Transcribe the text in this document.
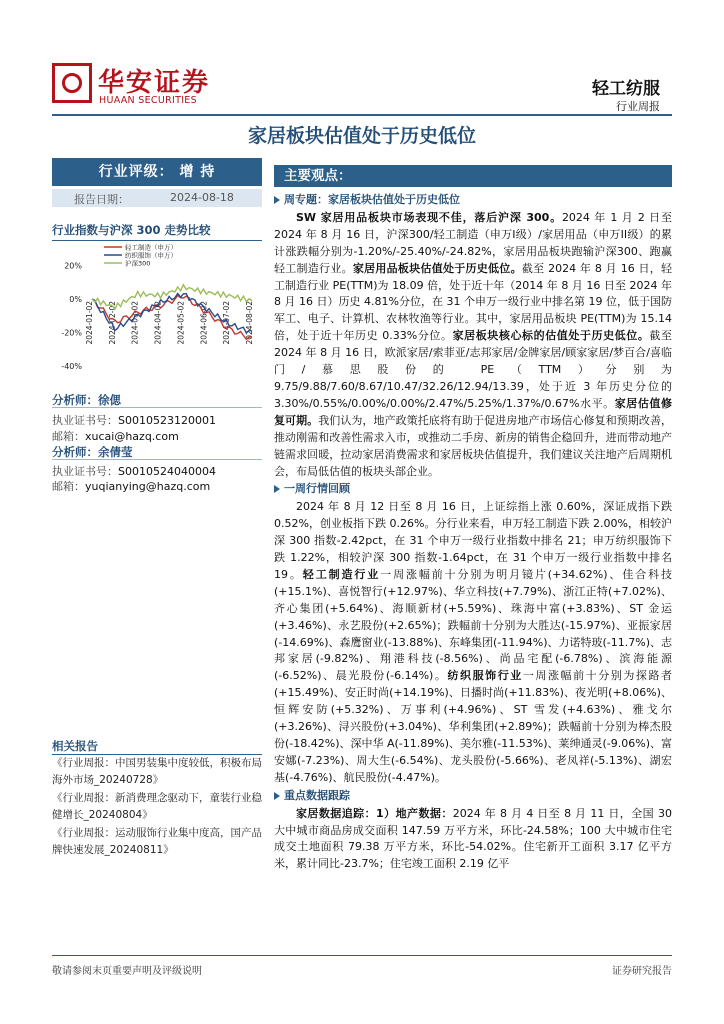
华安证券
HUAAN SECURITIES
轻工纺服
行业周报
家居板块估值处于历史低位
行业评级： 增 持
报告日期：	2024-08-18
行业指数与沪深 300 走势比较
20%
0%
-20%
-40%
2024-01-02 2024-02-02 2024-03-02 2024-04-02 2024-05-02 2024-06-02 2024-07-02 2024-08-02
轻工制造（申万）
纺织服饰（申万）
沪深300
分析师：徐偲
执业证书号：S0010523120001
邮箱：xucai@hazq.com
分析师：余倩莹
执业证书号：S0010524040004
邮箱：yuqianying@hazq.com
相关报告
《行业周报：中国男装集中度较低，积极布局海外市场_20240728》
《行业周报：新消费理念驱动下，童装行业稳健增长_20240804》
《行业周报：运动服饰行业集中度高，国产品牌快速发展_20240811》
主要观点：
周专题：家居板块估值处于历史低位
SW 家居用品板块市场表现不佳，落后沪深 300。2024 年 1 月 2 日至 2024 年 8 月 16 日，沪深300/轻工制造（申万I级）/家居用品（申万II级）的累计涨跌幅分别为-1.20%/-25.40%/-24.82%，家居用品板块跑输沪深300、跑赢轻工制造行业。家居用品板块估值处于历史低位。截至 2024 年 8 月 16 日，轻工制造行业 PE(TTM)为 18.09 倍，处于近十年（2014 年 8 月 16 日至 2024 年 8 月 16 日）历史 4.81%分位，在 31 个申万一级行业中排名第 19 位，低于国防军工、电子、计算机、农林牧渔等行业。其中，家居用品板块 PE(TTM)为 15.14 倍，处于近十年历史 0.33%分位。家居板块核心标的估值处于历史低位。截至 2024 年 8 月 16 日，欧派家居/索菲亚/志邦家居/金牌家居/顾家家居/梦百合/喜临门/慕思股份的 PE（TTM）分别为 9.75/9.88/7.60/8.67/10.47/32.26/12.94/13.39，处于近 3 年历史分位的 3.30%/0.55%/0.00%/0.00%/2.47%/5.25%/1.37%/0.67%水平。家居估值修复可期。我们认为，地产政策托底将有助于促进房地产市场信心修复和预期改善，推动刚需和改善性需求入市，或推动二手房、新房的销售企稳回升，进而带动地产链需求回暖，拉动家居消费需求和家居板块估值提升，我们建议关注地产后周期机会，布局低估值的板块头部企业。
一周行情回顾
2024 年 8 月 12 日至 8 月 16 日，上证综指上涨 0.60%，深证成指下跌 0.52%，创业板指下跌 0.26%。分行业来看，申万轻工制造下跌 2.00%，相较沪深 300 指数-2.42pct，在 31 个申万一级行业指数中排名 21；申万纺织服饰下跌 1.22%，相较沪深 300 指数-1.64pct，在 31 个申万一级行业指数中排名 19。轻工制造行业一周涨幅前十分别为明月镜片(+34.62%)、佳合科技(+15.1%)、喜悦智行(+12.97%)、华立科技(+7.79%)、浙江正特(+7.02%)、齐心集团(+5.64%)、海顺新材(+5.59%)、珠海中富(+3.83%)、ST 金运(+3.46%)、永艺股份(+2.65%)；跌幅前十分别为大胜达(-15.97%)、亚振家居(-14.69%)、森鹰窗业(-13.88%)、东峰集团(-11.94%)、力诺特玻(-11.7%)、志邦家居(-9.82%)、翔港科技(-8.56%)、尚品宅配(-6.78%)、滨海能源(-6.52%)、晨光股份(-6.14%)。纺织服饰行业一周涨幅前十分别为探路者(+15.49%)、安正时尚(+14.19%)、日播时尚(+11.83%)、夜光明(+8.06%)、恒辉安防(+5.32%)、万事利(+4.96%)、ST 雪发(+4.63%)、雅戈尔(+3.26%)、浔兴股份(+3.04%)、华利集团(+2.89%)；跌幅前十分别为棒杰股份(-18.42%)、深中华 A(-11.89%)、美尔雅(-11.53%)、莱绅通灵(-9.06%)、富安娜(-7.23%)、周大生(-6.54%)、龙头股份(-5.66%)、老凤祥(-5.13%)、湖宏基(-4.76%)、航民股份(-4.47%)。
重点数据跟踪
家居数据追踪：1）地产数据：2024 年 8 月 4 日至 8 月 11 日，全国 30 大中城市商品房成交面积 147.59 万平方米，环比-24.58%；100 大中城市住宅成交土地面积 79.38 万平方米，环比-54.02%。住宅新开工面积 3.17 亿平方米，累计同比-23.7%；住宅竣工面积 2.19 亿平
敬请参阅末页重要声明及评级说明	证券研究报告
